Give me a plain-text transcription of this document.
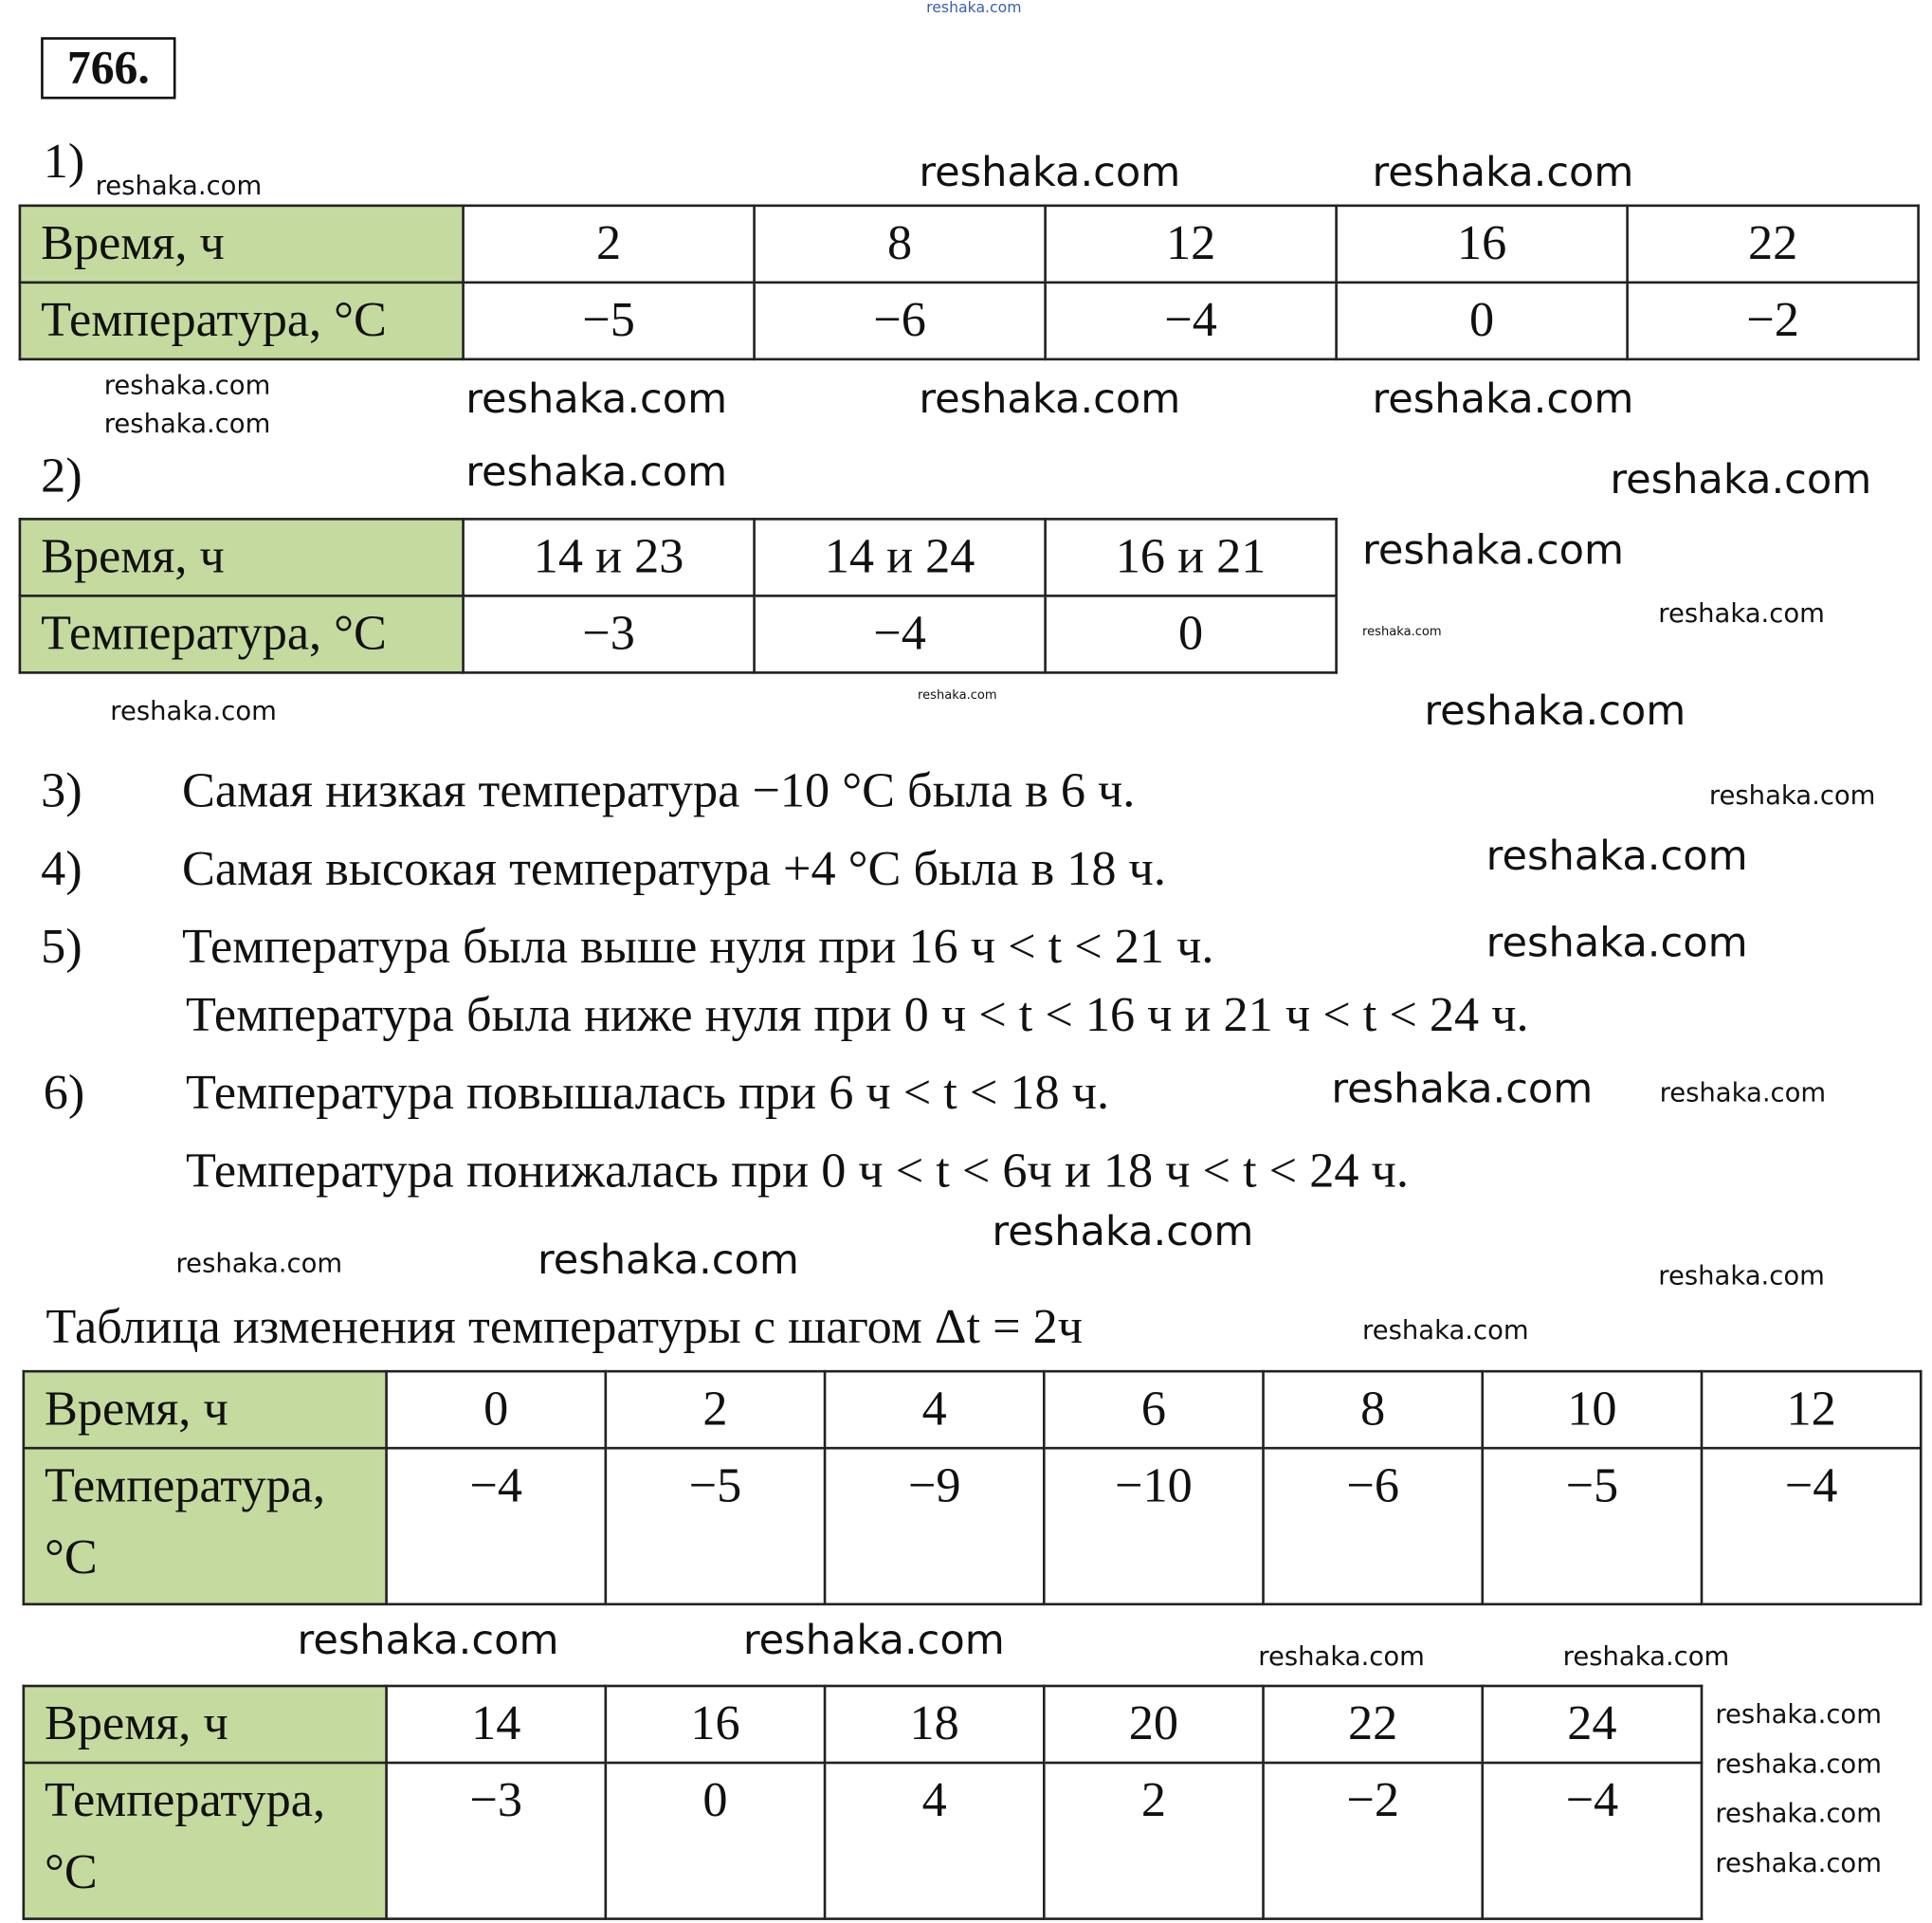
reshaka.com
766.
1)
Время, ч	2	8	12	16	22
Температура, °C	−5	−6	−4	0	−2
2)
Время, ч	14 и 23	14 и 24	16 и 21
Температура, °C	−3	−4	0
3)	Самая низкая температура −10 °C была в 6 ч.
4)	Самая высокая температура +4 °C была в 18 ч.
5)	Температура была выше нуля при 16 ч < t < 21 ч.
Температура была ниже нуля при 0 ч < t < 16 ч и 21 ч < t < 24 ч.
6)	Температура повышалась при 6 ч < t < 18 ч.
Температура понижалась при 0 ч < t < 6ч и 18 ч < t < 24 ч.
Таблица изменения температуры с шагом Δt = 2ч
Время, ч	0	2	4	6	8	10	12
Температура, °C	−4	−5	−9	−10	−6	−5	−4
Время, ч	14	16	18	20	22	24
Температура, °C	−3	0	4	2	−2	−4
reshaka.com	reshaka.com
reshaka.com	reshaka.com
reshaka.com
reshaka.com
reshaka.com
reshaka.com
reshaka.com
reshaka.com
reshaka.com
reshaka.com
reshaka.com
reshaka.com
reshaka.com
reshaka.com
reshaka.com
reshaka.com
reshaka.com
reshaka.com
reshaka.com
reshaka.com
reshaka.com
reshaka.com
reshaka.com
reshaka.com
reshaka.com
reshaka.com	reshaka.com
reshaka.com
reshaka.com
reshaka.com
reshaka.com
reshaka.com
